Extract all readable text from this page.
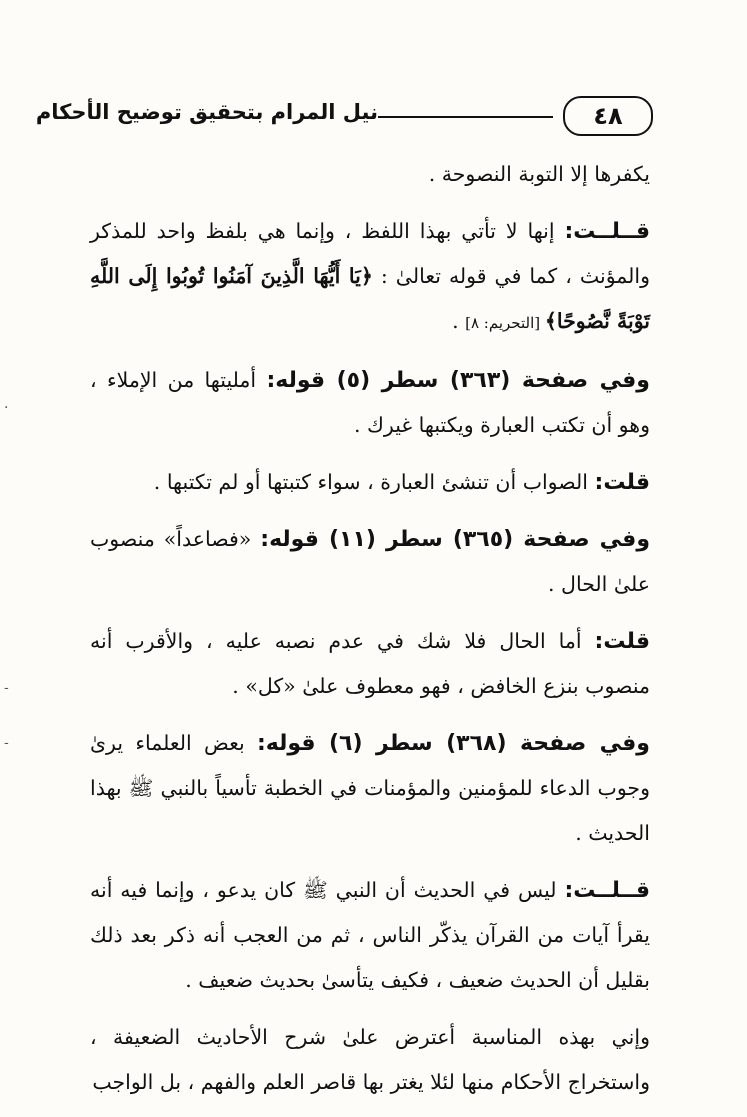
نيل المرام بتحقيق توضيح الأحكام	٤٨
·
-
-

يكفرها إلا التوبة النصوحة .

قــلــت: إنها لا تأتي بهذا اللفظ ، وإنما هي بلفظ واحد للمذكر والمؤنث ، كما في قوله تعالىٰ : ﴿يَا أَيُّهَا الَّذِينَ آمَنُوا تُوبُوا إِلَى اللَّهِ تَوْبَةً نَّصُوحًا﴾ [التحريم: ٨] .

وفي صفحة (٣٦٣) سطر (٥) قوله: أمليتها من الإملاء ، وهو أن تكتب العبارة ويكتبها غيرك .

قلت: الصواب أن تنشئ العبارة ، سواء كتبتها أو لم تكتبها .

وفي صفحة (٣٦٥) سطر (١١) قوله: «فصاعداً» منصوب علىٰ الحال .

قلت: أما الحال فلا شك في عدم نصبه عليه ، والأقرب أنه منصوب بنزع الخافض ، فهو معطوف علىٰ «كل» .

وفي صفحة (٣٦٨) سطر (٦) قوله: بعض العلماء يرىٰ وجوب الدعاء للمؤمنين والمؤمنات في الخطبة تأسياً بالنبي ﷺ بهذا الحديث .

قــلــت: ليس في الحديث أن النبي ﷺ كان يدعو ، وإنما فيه أنه يقرأ آيات من القرآن يذكّر الناس ، ثم من العجب أنه ذكر بعد ذلك بقليل أن الحديث ضعيف ، فكيف يتأسىٰ بحديث ضعيف .

وإني بهذه المناسبة أعترض علىٰ شرح الأحاديث الضعيفة ، واستخراج الأحكام منها لئلا يغتر بها قاصر العلم والفهم ، بل الواجب
